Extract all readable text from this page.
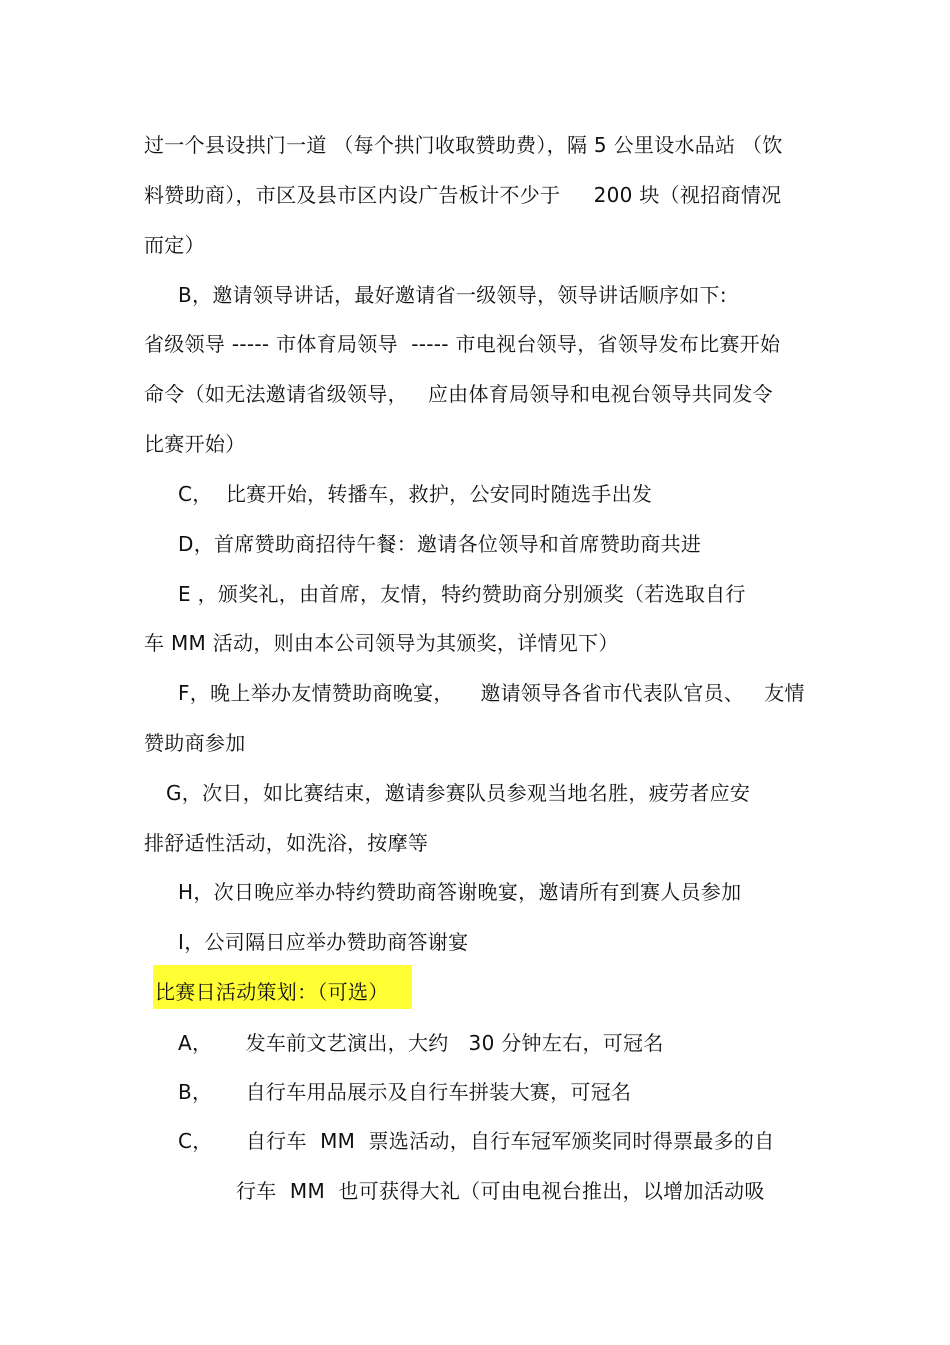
过一个县设拱门一道 （每个拱门收取赞助费），隔 5 公里设水品站 （饮
料赞助商），市区及县市区内设广告板计不少于     200 块（视招商情况
而定）
B，邀请领导讲话，最好邀请省一级领导，领导讲话顺序如下:
省级领导 ----- 市体育局领导  ----- 市电视台领导，省领导发布比赛开始
命令（如无法邀请省级领导，   应由体育局领导和电视台领导共同发令
比赛开始）
C，  比赛开始，转播车，救护，公安同时随选手出发
D，首席赞助商招待午餐：邀请各位领导和首席赞助商共进
E ，颁奖礼，由首席，友情，特约赞助商分别颁奖（若选取自行
车 MM 活动，则由本公司领导为其颁奖，详情见下）
F，晚上举办友情赞助商晚宴，    邀请领导各省市代表队官员、   友情
赞助商参加
G，次日，如比赛结束，邀请参赛队员参观当地名胜，疲劳者应安
排舒适性活动，如洗浴，按摩等
H，次日晚应举办特约赞助商答谢晚宴，邀请所有到赛人员参加
I，公司隔日应举办赞助商答谢宴
比赛日活动策划：（可选）
A，     发车前文艺演出，大约   30 分钟左右，可冠名
B，     自行车用品展示及自行车拼装大赛，可冠名
C，     自行车  MM  票选活动，自行车冠军颁奖同时得票最多的自
行车  MM  也可获得大礼（可由电视台推出，以增加活动吸
